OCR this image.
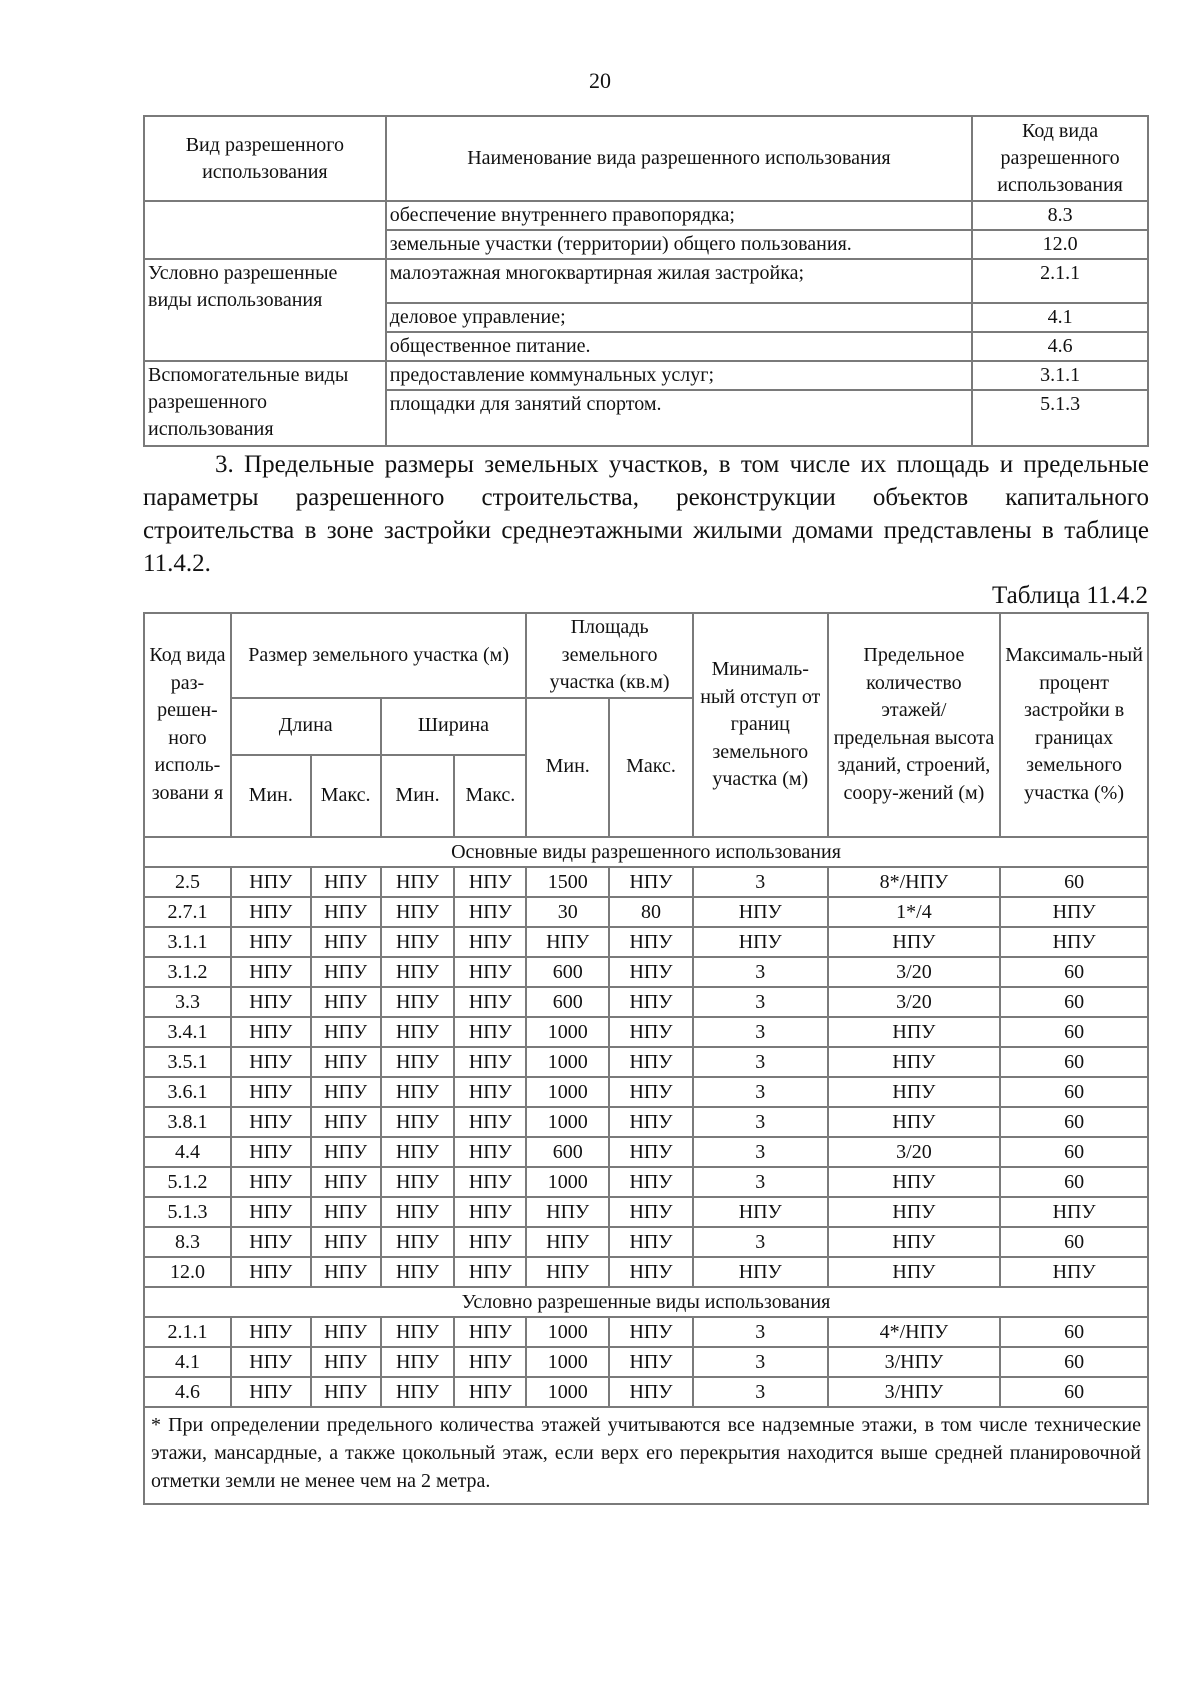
20
Вид разрешенного использования	Наименование вида разрешенного использования	Код вида разрешенного использования
	обеспечение внутреннего правопорядка;	8.3
	земельные участки (территории) общего пользования.	12.0
Условно разрешенные виды использования	малоэтажная многоквартирная жилая застройка;	2.1.1
	деловое управление;	4.1
	общественное питание.	4.6
Вспомогательные виды разрешенного использования	предоставление коммунальных услуг;	3.1.1
	площадки для занятий спортом.	5.1.3

3. Предельные размеры земельных участков, в том числе их площадь и предельные параметры разрешенного строительства, реконструкции объектов капитального строительства в зоне застройки среднеэтажными жилыми домами представлены в таблице 11.4.2.

Таблица 11.4.2
Код вида раз-решен-ного исполь-зовани я	Размер земельного участка (м)				Площадь земельного участка (кв.м)		Минималь-ный отступ от границ земельного участка (м)	Предельное количество этажей/ предельная высота зданий, строений, соору-жений (м)	Максималь-ный процент застройки в границах земельного участка (%)
	Длина		Ширина		Мин.	Макс.			
	Мин.	Макс.	Мин.	Макс.					
Основные виды разрешенного использования									
2.5	НПУ	НПУ	НПУ	НПУ	1500	НПУ	3	8*/НПУ	60
2.7.1	НПУ	НПУ	НПУ	НПУ	30	80	НПУ	1*/4	НПУ
3.1.1	НПУ	НПУ	НПУ	НПУ	НПУ	НПУ	НПУ	НПУ	НПУ
3.1.2	НПУ	НПУ	НПУ	НПУ	600	НПУ	3	3/20	60
3.3	НПУ	НПУ	НПУ	НПУ	600	НПУ	3	3/20	60
3.4.1	НПУ	НПУ	НПУ	НПУ	1000	НПУ	3	НПУ	60
3.5.1	НПУ	НПУ	НПУ	НПУ	1000	НПУ	3	НПУ	60
3.6.1	НПУ	НПУ	НПУ	НПУ	1000	НПУ	3	НПУ	60
3.8.1	НПУ	НПУ	НПУ	НПУ	1000	НПУ	3	НПУ	60
4.4	НПУ	НПУ	НПУ	НПУ	600	НПУ	3	3/20	60
5.1.2	НПУ	НПУ	НПУ	НПУ	1000	НПУ	3	НПУ	60
5.1.3	НПУ	НПУ	НПУ	НПУ	НПУ	НПУ	НПУ	НПУ	НПУ
8.3	НПУ	НПУ	НПУ	НПУ	НПУ	НПУ	3	НПУ	60
12.0	НПУ	НПУ	НПУ	НПУ	НПУ	НПУ	НПУ	НПУ	НПУ
Условно разрешенные виды использования									
2.1.1	НПУ	НПУ	НПУ	НПУ	1000	НПУ	3	4*/НПУ	60
4.1	НПУ	НПУ	НПУ	НПУ	1000	НПУ	3	3/НПУ	60
4.6	НПУ	НПУ	НПУ	НПУ	1000	НПУ	3	3/НПУ	60
* При определении предельного количества этажей учитываются все надземные этажи, в том числе технические этажи, мансардные, а также цокольный этаж, если верх его перекрытия находится выше средней планировочной отметки земли не менее чем на 2 метра.									
